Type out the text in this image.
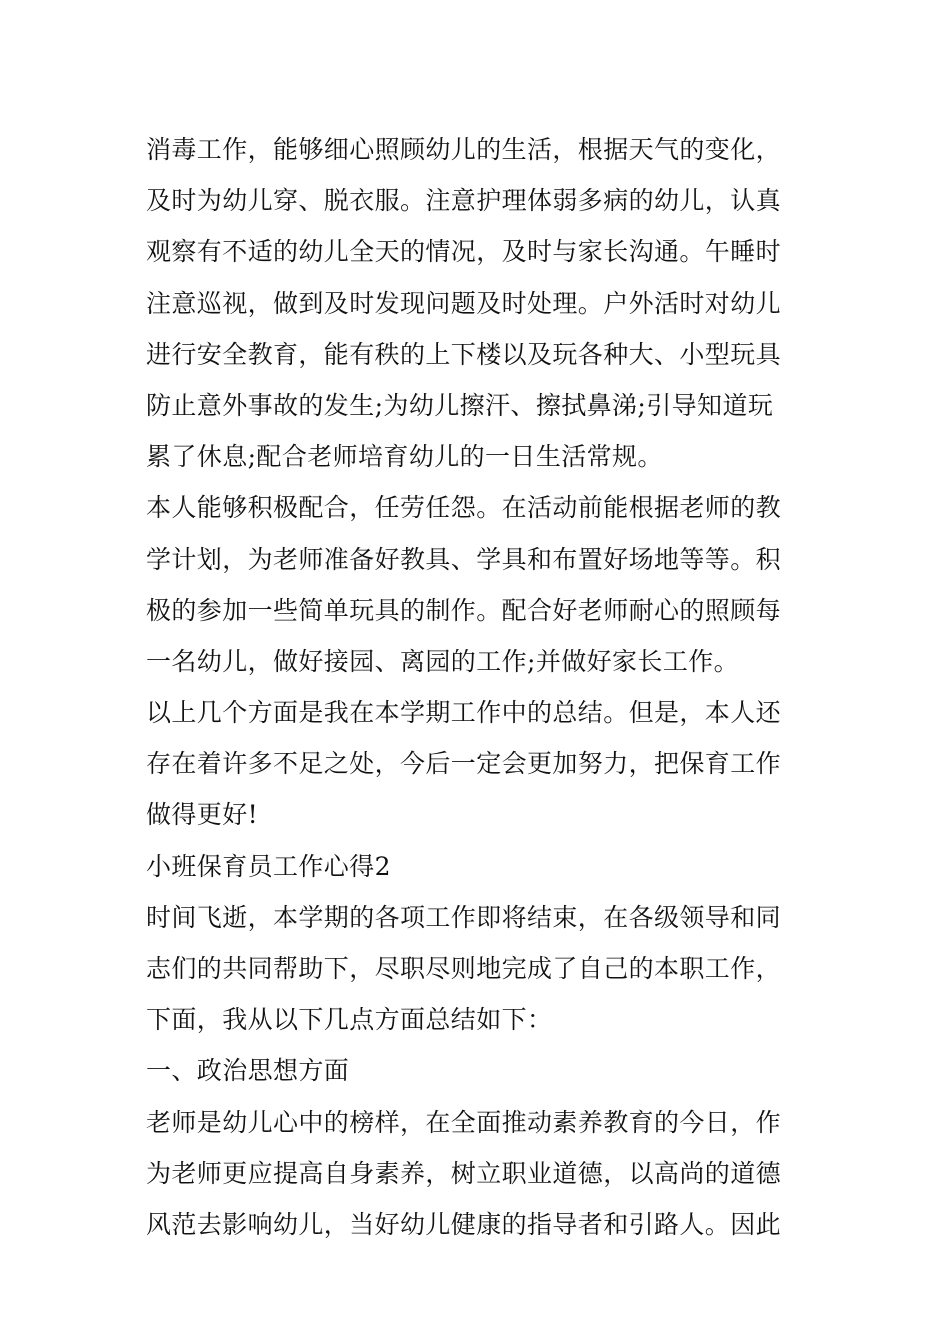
消毒工作，能够细心照顾幼儿的生活，根据天气的变化，
及时为幼儿穿、脱衣服。注意护理体弱多病的幼儿，认真
观察有不适的幼儿全天的情况，及时与家长沟通。午睡时
注意巡视，做到及时发现问题及时处理。户外活时对幼儿
进行安全教育，能有秩的上下楼以及玩各种大、小型玩具
防止意外事故的发生;为幼儿擦汗、擦拭鼻涕;引导知道玩
累了休息;配合老师培育幼儿的一日生活常规。
本人能够积极配合，任劳任怨。在活动前能根据老师的教
学计划，为老师准备好教具、学具和布置好场地等等。积
极的参加一些简单玩具的制作。配合好老师耐心的照顾每
一名幼儿，做好接园、离园的工作;并做好家长工作。
以上几个方面是我在本学期工作中的总结。但是，本人还
存在着许多不足之处，今后一定会更加努力，把保育工作
做得更好!
小班保育员工作心得2
时间飞逝，本学期的各项工作即将结束，在各级领导和同
志们的共同帮助下，尽职尽则地完成了自己的本职工作，
下面，我从以下几点方面总结如下：
一、政治思想方面
老师是幼儿心中的榜样，在全面推动素养教育的今日，作
为老师更应提高自身素养，树立职业道德，以高尚的道德
风范去影响幼儿，当好幼儿健康的指导者和引路人。因此
